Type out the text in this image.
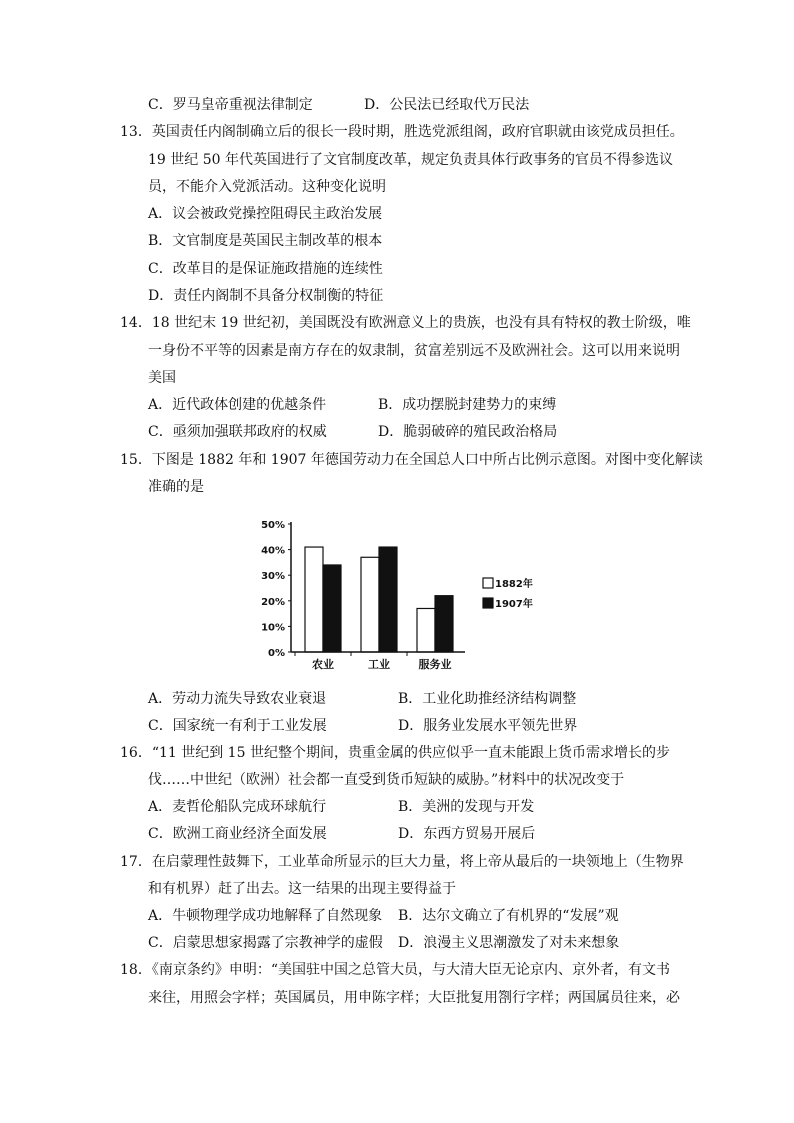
C．罗马皇帝重视法律制定	D．公民法已经取代万民法
13．英国责任内阁制确立后的很长一段时期，胜选党派组阁，政府官职就由该党成员担任。
19 世纪 50 年代英国进行了文官制度改革，规定负责具体行政事务的官员不得参选议
员，不能介入党派活动。这种变化说明
A．议会被政党操控阻碍民主政治发展
B．文官制度是英国民主制改革的根本
C．改革目的是保证施政措施的连续性
D．责任内阁制不具备分权制衡的特征
14．18 世纪末 19 世纪初，美国既没有欧洲意义上的贵族，也没有具有特权的教士阶级，唯
一身份不平等的因素是南方存在的奴隶制，贫富差别远不及欧洲社会。这可以用来说明
美国
A．近代政体创建的优越条件	B．成功摆脱封建势力的束缚
C．亟须加强联邦政府的权威	D．脆弱破碎的殖民政治格局
15．下图是 1882 年和 1907 年德国劳动力在全国总人口中所占比例示意图。对图中变化解读
准确的是
0%
10%
20%
30%
40%
50%
农业	工业	服务业
1882年
1907年
A．劳动力流失导致农业衰退	B．工业化助推经济结构调整
C．国家统一有利于工业发展	D．服务业发展水平领先世界
16．“11 世纪到 15 世纪整个期间，贵重金属的供应似乎一直未能跟上货币需求增长的步
伐……中世纪（欧洲）社会都一直受到货币短缺的威胁。”材料中的状况改变于
A．麦哲伦船队完成环球航行	B．美洲的发现与开发
C．欧洲工商业经济全面发展	D．东西方贸易开展后
17．在启蒙理性鼓舞下，工业革命所显示的巨大力量，将上帝从最后的一块领地上（生物界
和有机界）赶了出去。这一结果的出现主要得益于
A．牛顿物理学成功地解释了自然现象 B．达尔文确立了有机界的“发展”观
C．启蒙思想家揭露了宗教神学的虚假 D．浪漫主义思潮激发了对未来想象
18．《南京条约》申明：“美国驻中国之总管大员，与大清大臣无论京内、京外者，有文书
来往，用照会字样；英国属员，用申陈字样；大臣批复用劄行字样；两国属员往来，必
